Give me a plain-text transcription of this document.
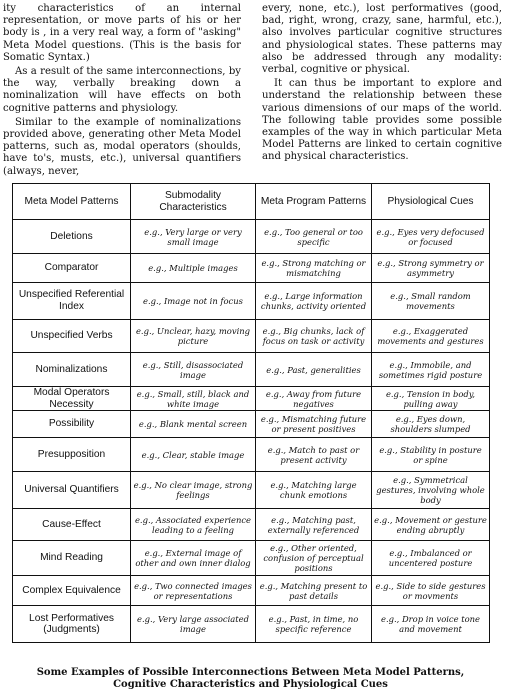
ity characteristics of an internal representation, or move parts of his or her body is , in a very real way, a form of "asking" Meta Model questions. (This is the basis for Somatic Syntax.)

As a result of the same interconnections, by the way, verbally breaking down a nominalization will have effects on both cognitive patterns and physiology.

Similar to the example of nominalizations provided above, generating other Meta Model patterns, such as, modal operators (shoulds, have to's, musts, etc.), universal quantifiers (always, never,

every, none, etc.), lost performatives (good, bad, right, wrong, crazy, sane, harmful, etc.), also involves particular cognitive structures and physiological states. These patterns may also be addressed through any modality: verbal, cognitive or physical.

It can thus be important to explore and understand the relationship between these various dimensions of our maps of the world. The following table provides some possible examples of the way in which particular Meta Model Patterns are linked to certain cognitive and physical characteristics.

Meta Model Patterns	Submodality Characteristics	Meta Program Patterns	Physiological Cues
Deletions	e.g., Very large or very small image	e.g., Too general or too specific	e.g., Eyes very defocused or focused
Comparator	e.g., Multiple images	e.g., Strong matching or mismatching	e.g., Strong symmetry or asymmetry
Unspecified Referential Index	e.g., Image not in focus	e.g., Large information chunks, activity oriented	e.g., Small random movements
Unspecified Verbs	e.g., Unclear, hazy, moving picture	e.g., Big chunks, lack of focus on task or activity	e.g., Exaggerated movements and gestures
Nominalizations	e.g., Still, disassociated image	e.g., Past, generalities	e.g., Immobile, and sometimes rigid posture
Modal Operators Necessity	e.g., Small, still, black and white image	e.g., Away from future negatives	e.g., Tension in body, pulling away
Possibility	e.g., Blank mental screen	e.g., Mismatching future or present positives	e.g., Eyes down, shoulders slumped
Presupposition	e.g., Clear, stable image	e.g., Match to past or present activity	e.g., Stability in posture or spine
Universal Quantifiers	e.g., No clear image, strong feelings	e.g., Matching large chunk emotions	e.g., Symmetrical gestures, involving whole body
Cause-Effect	e.g., Associated experience leading to a feeling	e.g., Matching past, externally referenced	e.g., Movement or gesture ending abruptly
Mind Reading	e.g., External image of other and own inner dialog	e.g., Other oriented, confusion of perceptual positions	e.g., Imbalanced or uncentered posture
Complex Equivalence	e.g., Two connected images or representations	e.g., Matching present to past details	e.g., Side to side gestures or movments
Lost Performatives (Judgments)	e.g., Very large associated image	e.g., Past, in time, no specific reference	e.g., Drop in voice tone and movement
Some Examples of Possible Interconnections Between Meta Model Patterns, Cognitive Characteristics and Physiological Cues
